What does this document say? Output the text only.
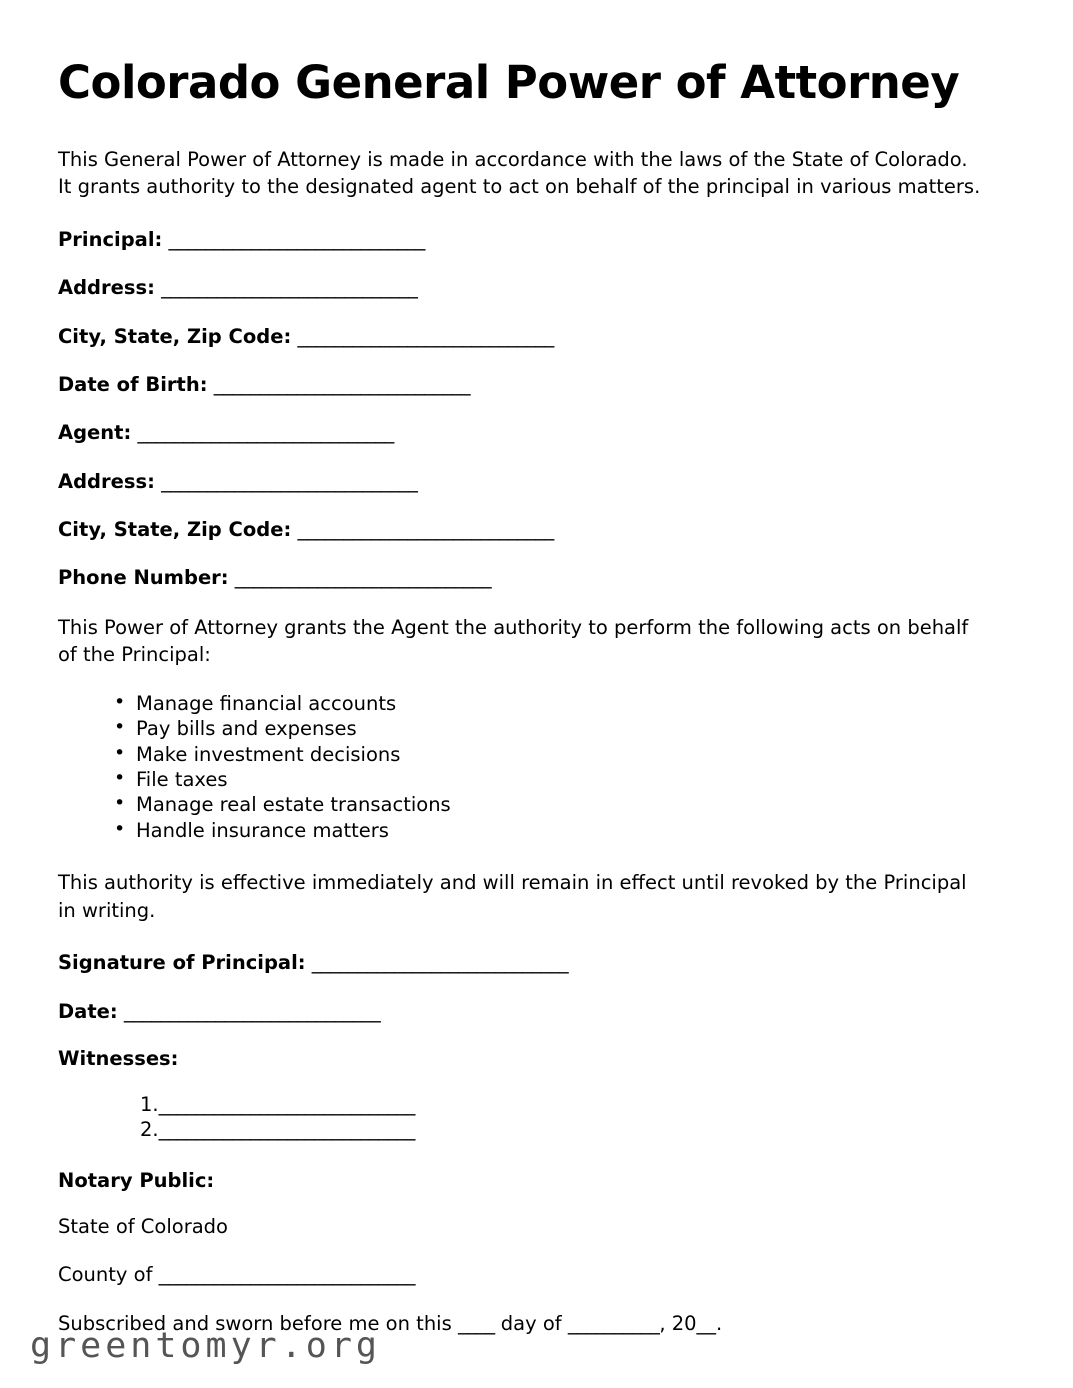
Colorado General Power of Attorney

This General Power of Attorney is made in accordance with the laws of the State of Colorado. It grants authority to the designated agent to act on behalf of the principal in various matters.

Principal: ____________________________
Address: ____________________________
City, State, Zip Code: ____________________________
Date of Birth: ____________________________
Agent: ____________________________
Address: ____________________________
City, State, Zip Code: ____________________________
Phone Number: ____________________________

This Power of Attorney grants the Agent the authority to perform the following acts on behalf of the Principal:

• Manage financial accounts
• Pay bills and expenses
• Make investment decisions
• File taxes
• Manage real estate transactions
• Handle insurance matters

This authority is effective immediately and will remain in effect until revoked by the Principal in writing.

Signature of Principal: ____________________________
Date: ____________________________
Witnesses:
1.____________________________
2.____________________________
Notary Public:
State of Colorado
County of ____________________________
Subscribed and sworn before me on this ____ day of __________, 20__.
greentomyr.org
